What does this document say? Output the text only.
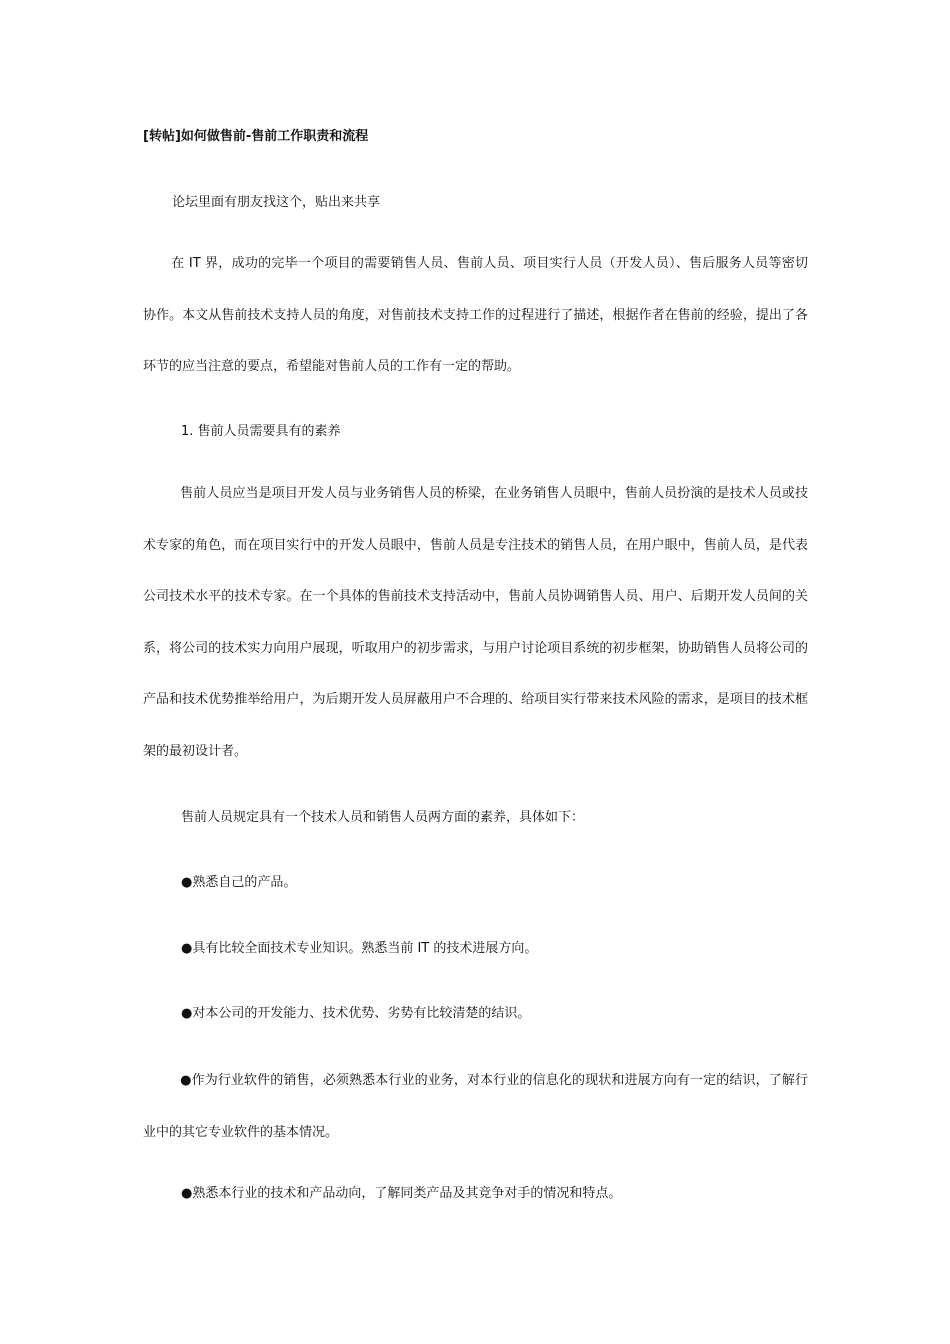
[转帖]如何做售前-售前工作职责和流程
论坛里面有朋友找这个，贴出来共享

在 IT 界，成功的完毕一个项目的需要销售人员、售前人员、项目实行人员（开发人员）、售后服务人员等密切协作。本文从售前技术支持人员的角度，对售前技术支持工作的过程进行了描述，根据作者在售前的经验，提出了各环节的应当注意的要点，希望能对售前人员的工作有一定的帮助。

1. 售前人员需要具有的素养

售前人员应当是项目开发人员与业务销售人员的桥梁，在业务销售人员眼中，售前人员扮演的是技术人员或技术专家的角色，而在项目实行中的开发人员眼中，售前人员是专注技术的销售人员，在用户眼中，售前人员，是代表公司技术水平的技术专家。在一个具体的售前技术支持活动中，售前人员协调销售人员、用户、后期开发人员间的关系，将公司的技术实力向用户展现，听取用户的初步需求，与用户讨论项目系统的初步框架，协助销售人员将公司的产品和技术优势推举给用户，为后期开发人员屏蔽用户不合理的、给项目实行带来技术风险的需求，是项目的技术框架的最初设计者。

售前人员规定具有一个技术人员和销售人员两方面的素养，具体如下：
●熟悉自己的产品。
●具有比较全面技术专业知识。熟悉当前 IT 的技术进展方向。
●对本公司的开发能力、技术优势、劣势有比较清楚的结识。

●作为行业软件的销售，必须熟悉本行业的业务，对本行业的信息化的现状和进展方向有一定的结识，了解行业中的其它专业软件的基本情况。

●熟悉本行业的技术和产品动向，了解同类产品及其竞争对手的情况和特点。
